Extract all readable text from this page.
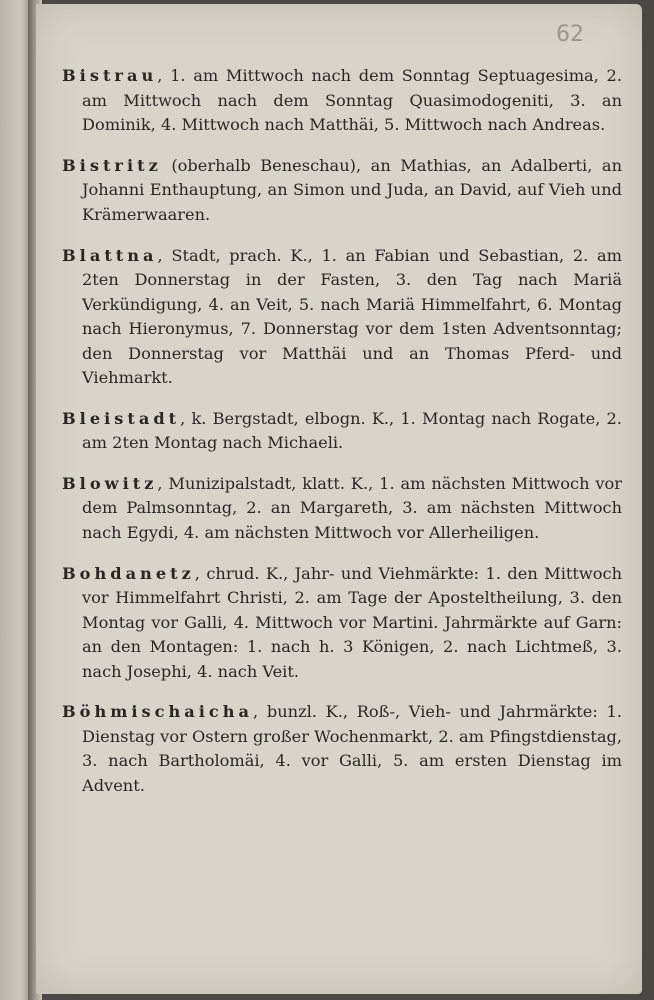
62

Bistrau, 1. am Mittwoch nach dem Sonntag Septuagesima, 2. am Mittwoch nach dem Sonntag Quasimodogeniti, 3. an Dominik, 4. Mittwoch nach Matthäi, 5. Mittwoch nach Andreas.

Bistritz (oberhalb Beneschau), an Mathias, an Adalberti, an Johanni Enthauptung, an Simon und Juda, an David, auf Vieh und Krämerwaaren.

Blattna, Stadt, prach. K., 1. an Fabian und Sebastian, 2. am 2ten Donnerstag in der Fasten, 3. den Tag nach Mariä Verkündigung, 4. an Veit, 5. nach Mariä Himmelfahrt, 6. Montag nach Hieronymus, 7. Donnerstag vor dem 1sten Adventsonntag; den Donnerstag vor Matthäi und an Thomas Pferd- und Viehmarkt.

Bleistadt, k. Bergstadt, elbogn. K., 1. Montag nach Rogate, 2. am 2ten Montag nach Michaeli.

Blowitz, Munizipalstadt, klatt. K., 1. am nächsten Mittwoch vor dem Palmsonntag, 2. an Margareth, 3. am nächsten Mittwoch nach Egydi, 4. am nächsten Mittwoch vor Allerheiligen.

Bohdanetz, chrud. K., Jahr- und Viehmärkte: 1. den Mittwoch vor Himmelfahrt Christi, 2. am Tage der Aposteltheilung, 3. den Montag vor Galli, 4. Mittwoch vor Martini. Jahrmärkte auf Garn: an den Montagen: 1. nach h. 3 Königen, 2. nach Lichtmeß, 3. nach Josephi, 4. nach Veit.

Böhmischaicha, bunzl. K., Roß-, Vieh- und Jahrmärkte: 1. Dienstag vor Ostern großer Wochenmarkt, 2. am Pfingstdienstag, 3. nach Bartholomäi, 4. vor Galli, 5. am ersten Dienstag im Advent.
